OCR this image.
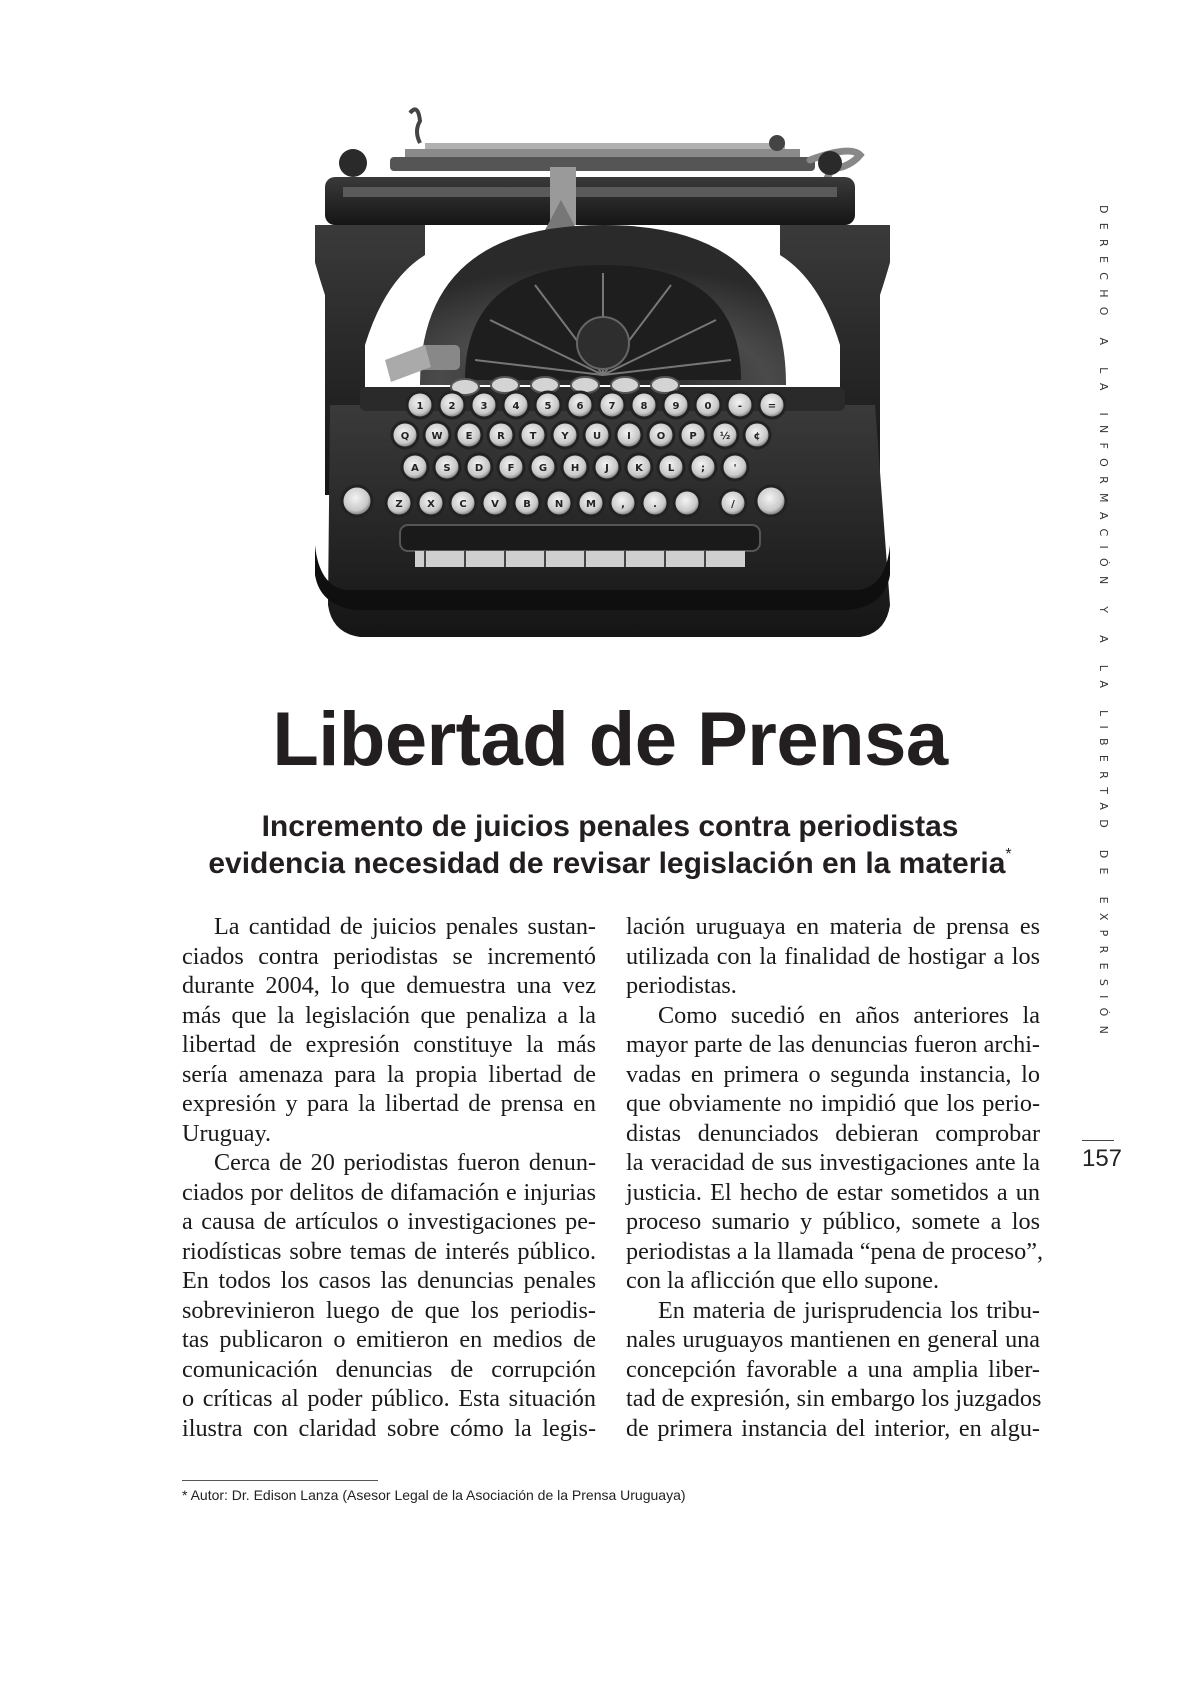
1	2	3	4	5	6	7	8	9	0	-	=
Q W E R T Y U	I	O P ½ ¢
A S D F G H	J	K L	;	'
Z X C V B N M	,	.	/	DERECHO A LA INFORMACIÓN Y A LA LIBERTAD DE EXPRESIÓN
157
Libertad de Prensa
Incremento de juicios penales contra periodistas
evidencia necesidad de revisar legislación en la materia*

La cantidad de juicios penales sustan-
ciados contra periodistas se incrementó
durante 2004, lo que demuestra una vez
más que la legislación que penaliza a la
libertad de expresión constituye la más
sería amenaza para la propia libertad de
expresión y para la libertad de prensa en
Uruguay.

Cerca de 20 periodistas fueron denun-
ciados por delitos de difamación e injurias
a causa de artículos o investigaciones pe-
riodísticas sobre temas de interés público.
En todos los casos las denuncias penales
sobrevinieron luego de que los periodis-
tas publicaron o emitieron en medios de
comunicación denuncias de corrupción
o críticas al poder público. Esta situación
ilustra con claridad sobre cómo la legis-

lación uruguaya en materia de prensa es
utilizada con la finalidad de hostigar a los
periodistas.

Como sucedió en años anteriores la
mayor parte de las denuncias fueron archi-
vadas en primera o segunda instancia, lo
que obviamente no impidió que los perio-
distas denunciados debieran comprobar
la veracidad de sus investigaciones ante la
justicia. El hecho de estar sometidos a un
proceso sumario y público, somete a los
periodistas a la llamada “pena de proceso”,
con la aflicción que ello supone.

En materia de jurisprudencia los tribu-
nales uruguayos mantienen en general una
concepción favorable a una amplia liber-
tad de expresión, sin embargo los juzgados
de primera instancia del interior, en algu-

* Autor: Dr. Edison Lanza (Asesor Legal de la Asociación de la Prensa Uruguaya)
